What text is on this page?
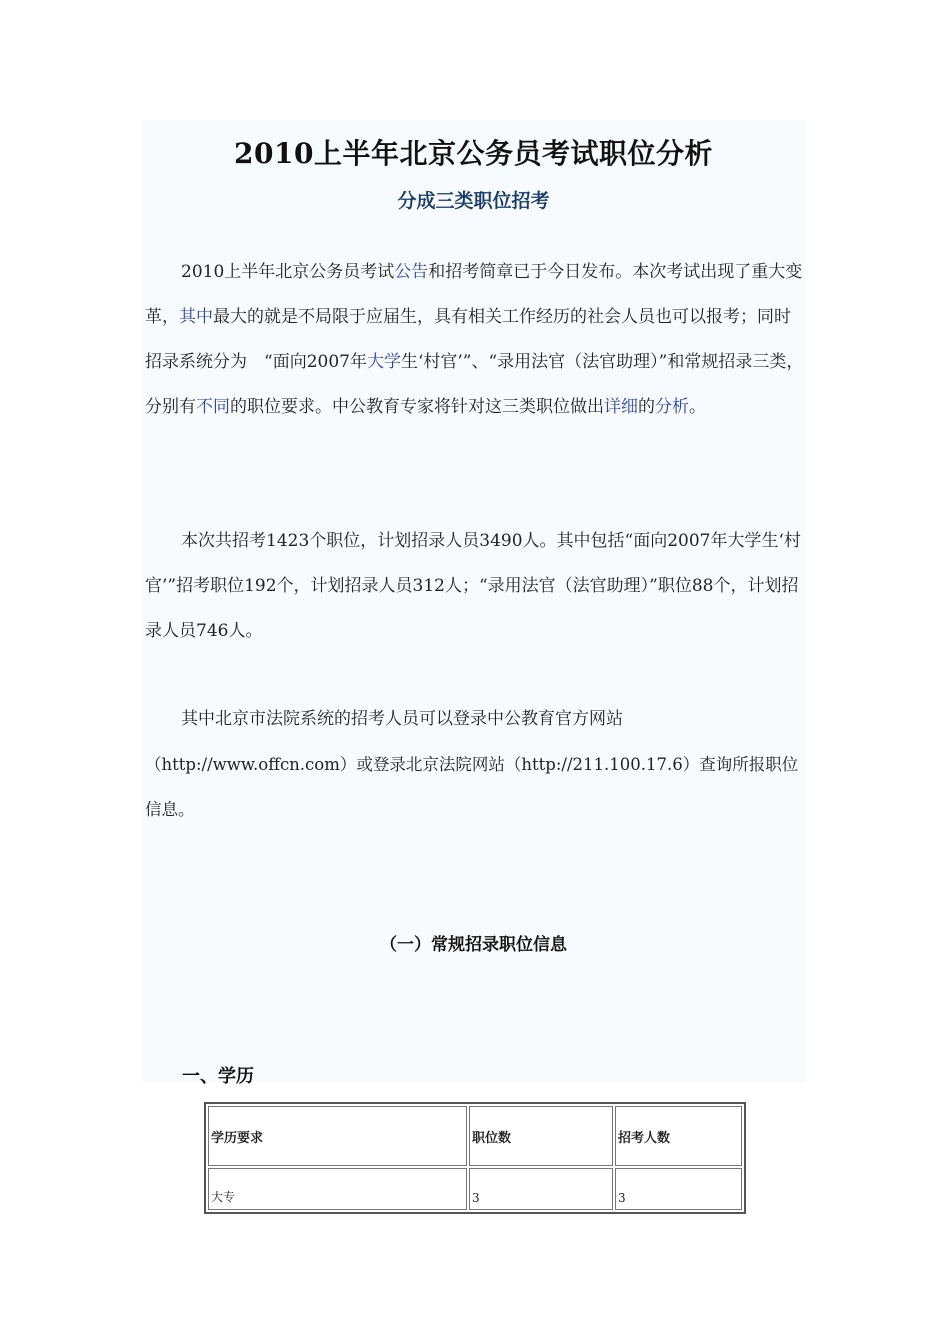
2010上半年北京公务员考试职位分析
分成三类职位招考

2010上半年北京公务员考试公告和招考简章已于今日发布。本次考试出现了重大变革，其中最大的就是不局限于应届生，具有相关工作经历的社会人员也可以报考；同时招录系统分为　“面向2007年大学生‘村官’”、“录用法官（法官助理）”和常规招录三类，分别有不同的职位要求。中公教育专家将针对这三类职位做出详细的分析。

本次共招考1423个职位，计划招录人员3490人。其中包括“面向2007年大学生‘村官’”招考职位192个，计划招录人员312人；“录用法官（法官助理）”职位88个，计划招录人员746人。

其中北京市法院系统的招考人员可以登录中公教育官方网站

（http://www.offcn.com）或登录北京法院网站（http://211.100.17.6）查询所报职位信息。

（一）常规招录职位信息
一、学历
学历要求	职位数	招考人数
大专	3	3
